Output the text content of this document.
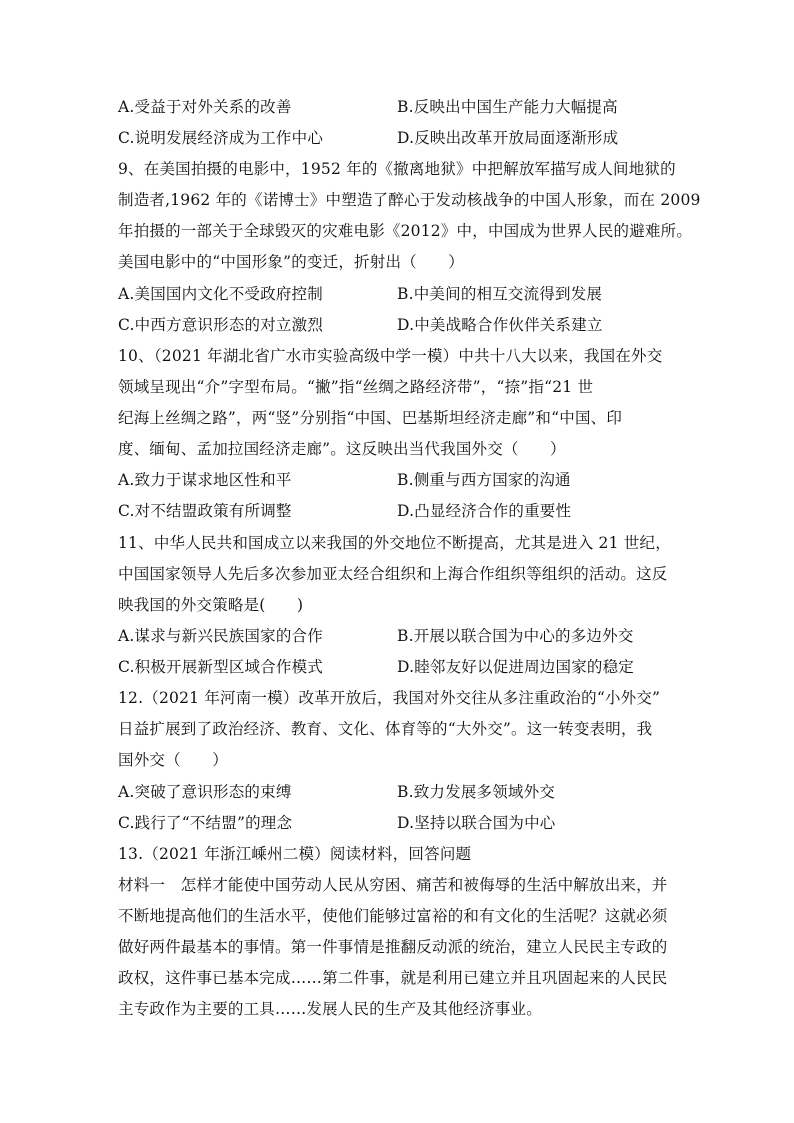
A.受益于对外关系的改善	B.反映出中国生产能力大幅提高
C.说明发展经济成为工作中心	D.反映出改革开放局面逐渐形成
9、在美国拍摄的电影中，1952 年的《撤离地狱》中把解放军描写成人间地狱的
制造者,1962 年的《诺博士》中塑造了醉心于发动核战争的中国人形象，而在 2009
年拍摄的一部关于全球毁灭的灾难电影《2012》中，中国成为世界人民的避难所。
美国电影中的“中国形象”的变迁，折射出（　　）
A.美国国内文化不受政府控制	B.中美间的相互交流得到发展
C.中西方意识形态的对立激烈	D.中美战略合作伙伴关系建立
10、（2021 年湖北省广水市实验高级中学一模）中共十八大以来，我国在外交
领域呈现出“介”字型布局。“撇”指“丝绸之路经济带”，“捺”指“21 世
纪海上丝绸之路”，两“竖”分别指“中国、巴基斯坦经济走廊”和“中国、印
度、缅甸、孟加拉国经济走廊”。这反映出当代我国外交（　　）
A.致力于谋求地区性和平	B.侧重与西方国家的沟通
C.对不结盟政策有所调整	D.凸显经济合作的重要性
11、中华人民共和国成立以来我国的外交地位不断提高，尤其是进入 21 世纪，
中国国家领导人先后多次参加亚太经合组织和上海合作组织等组织的活动。这反
映我国的外交策略是(　　)
A.谋求与新兴民族国家的合作	B.开展以联合国为中心的多边外交
C.积极开展新型区域合作模式	D.睦邻友好以促进周边国家的稳定
12.（2021 年河南一模）改革开放后，我国对外交往从多注重政治的“小外交”
日益扩展到了政治经济、教育、文化、体育等的“大外交”。这一转变表明，我
国外交（　　）
A.突破了意识形态的束缚	B.致力发展多领域外交
C.践行了“不结盟”的理念	D.坚持以联合国为中心
13.（2021 年浙江嵊州二模）阅读材料，回答问题
材料一　怎样才能使中国劳动人民从穷困、痛苦和被侮辱的生活中解放出来，并
不断地提高他们的生活水平，使他们能够过富裕的和有文化的生活呢？这就必须
做好两件最基本的事情。第一件事情是推翻反动派的统治，建立人民民主专政的
政权，这件事已基本完成……第二件事，就是利用已建立并且巩固起来的人民民
主专政作为主要的工具……发展人民的生产及其他经济事业。
